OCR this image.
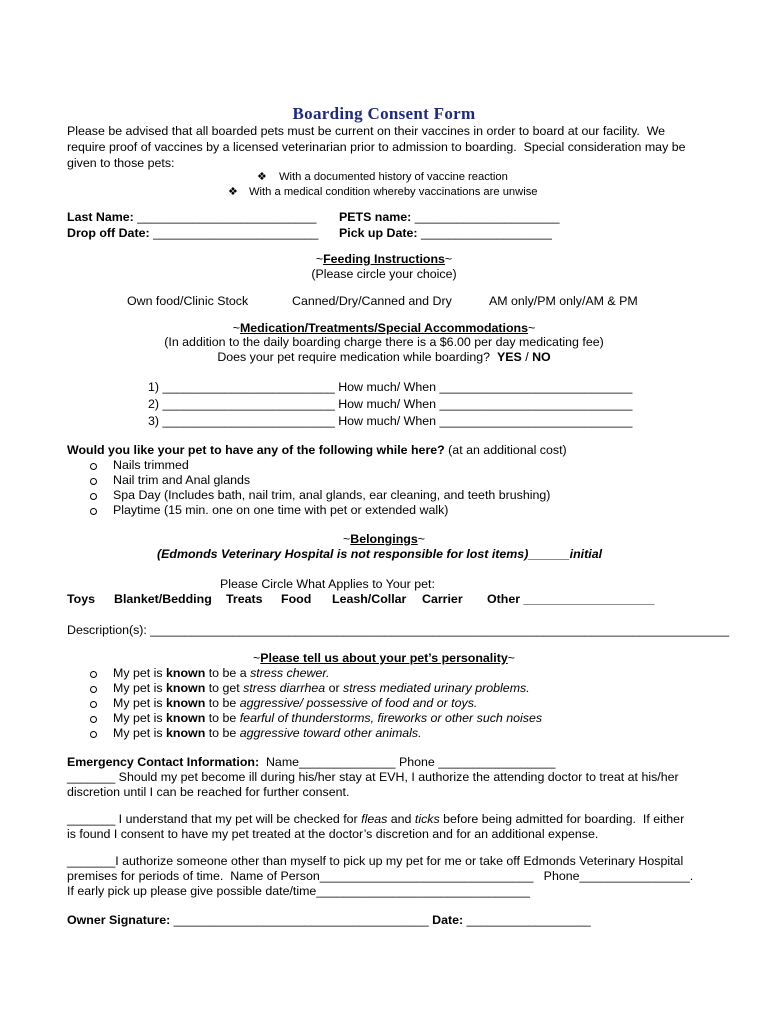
Boarding Consent Form
Please be advised that all boarded pets must be current on their vaccines in order to board at our facility.  We
require proof of vaccines by a licensed veterinarian prior to admission to boarding.  Special consideration may be
given to those pets:
❖ With a documented history of vaccine reaction
❖ With a medical condition whereby vaccinations are unwise
Last Name: __________________________ PETS name: _____________________
Drop off Date: ________________________ Pick up Date: ___________________
~Feeding Instructions~
(Please circle your choice)
Own food/Clinic Stock	Canned/Dry/Canned and Dry	AM only/PM only/AM & PM
~Medication/Treatments/Special Accommodations~
(In addition to the daily boarding charge there is a $6.00 per day medicating fee)
Does your pet require medication while boarding?  YES / NO
1) _________________________ How much/ When ____________________________
2) _________________________ How much/ When ____________________________
3) _________________________ How much/ When ____________________________
Would you like your pet to have any of the following while here? (at an additional cost)
Nails trimmed
Nail trim and Anal glands
Spa Day (Includes bath, nail trim, anal glands, ear cleaning, and teeth brushing)
Playtime (15 min. one on one time with pet or extended walk)
~Belongings~
(Edmonds Veterinary Hospital is not responsible for lost items)______initial
Please Circle What Applies to Your pet:
Toys Blanket/Bedding Treats Food Leash/Collar Carrier Other ___________________
Description(s): ____________________________________________________________________________________
~Please tell us about your pet’s personality~
My pet is known to be a stress chewer.
My pet is known to get stress diarrhea or stress mediated urinary problems.
My pet is known to be aggressive/ possessive of food and or toys.
My pet is known to be fearful of thunderstorms, fireworks or other such noises
My pet is known to be aggressive toward other animals.
Emergency Contact Information:  Name______________ Phone _________________
_______ Should my pet become ill during his/her stay at EVH, I authorize the attending doctor to treat at his/her
discretion until I can be reached for further consent.
_______ I understand that my pet will be checked for fleas and ticks before being admitted for boarding.  If either
is found I consent to have my pet treated at the doctor’s discretion and for an additional expense.
_______I authorize someone other than myself to pick up my pet for me or take off Edmonds Veterinary Hospital
premises for periods of time.  Name of Person_______________________________   Phone________________.
If early pick up please give possible date/time_______________________________
Owner Signature: _____________________________________ Date: __________________
